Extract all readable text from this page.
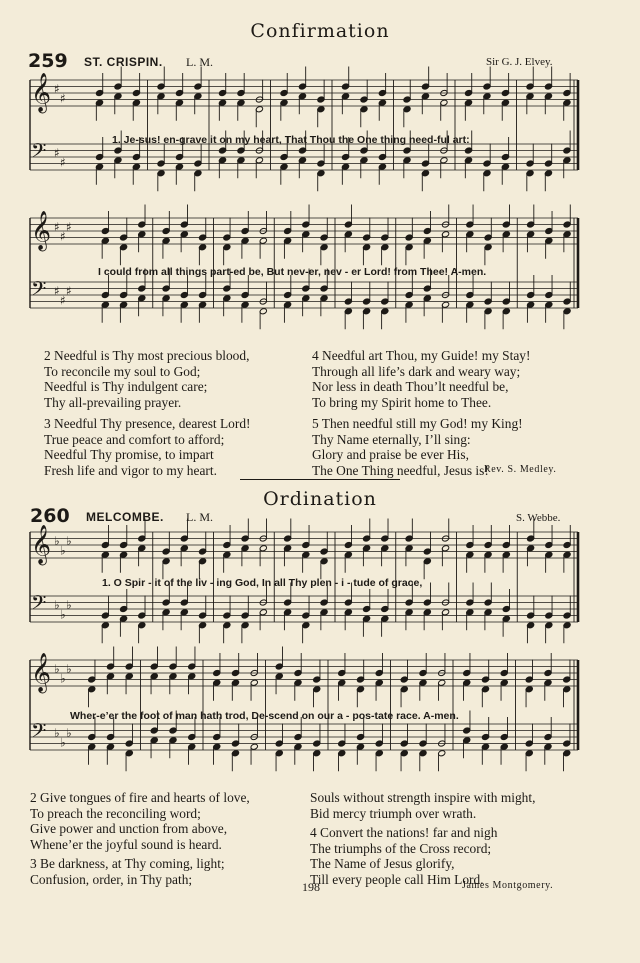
Confirmation
259 ST. CRISPIN. L. M.	Sir G. J. Elvey.
𝄞 ♯
♯
𝄢 ♯
♯
1. Je-sus! en-grave it on my heart, That Thou the One thing need-ful art:
𝄞 ♯
♯
♯
𝄢 ♯
♯
♯
I could from all things part-ed be, But nev-er, nev - er Lord! from Thee! A-men.
2 Needful is Thy most precious blood,
To reconcile my soul to God;
Needful is Thy indulgent care;
Thy all-prevailing prayer.
3 Needful Thy presence, dearest Lord!
True peace and comfort to afford;
Needful Thy promise, to impart
Fresh life and vigor to my heart.
4 Needful art Thou, my Guide! my Stay!
Through all life’s dark and weary way;
Nor less in death Thou’lt needful be,
To bring my Spirit home to Thee.
5 Then needful still my God! my King!
Thy Name eternally, I’ll sing:
Glory and praise be ever His,
The One Thing needful, Jesus is!
Rev. S. Medley.
Ordination
260 MELCOMBE. L. M.	S. Webbe.
𝄞 ♭
♭
♭
𝄢 ♭
♭
♭
1. O Spir - it of the liv - ing God, In all Thy plen - i - tude of grace,
𝄞 ♭
♭
♭
𝄢 ♭
♭
♭
Wher-e’er the foot of man hath trod, De-scend on our a - pos-tate race. A-men.
2 Give tongues of fire and hearts of love,
To preach the reconciling word;
Give power and unction from above,
Whene’er the joyful sound is heard.
3 Be darkness, at Thy coming, light;
Confusion, order, in Thy path;
Souls without strength inspire with might,
Bid mercy triumph over wrath.
4 Convert the nations! far and nigh
The triumphs of the Cross record;
The Name of Jesus glorify,
Till every people call Him Lord.
198	James Montgomery.
